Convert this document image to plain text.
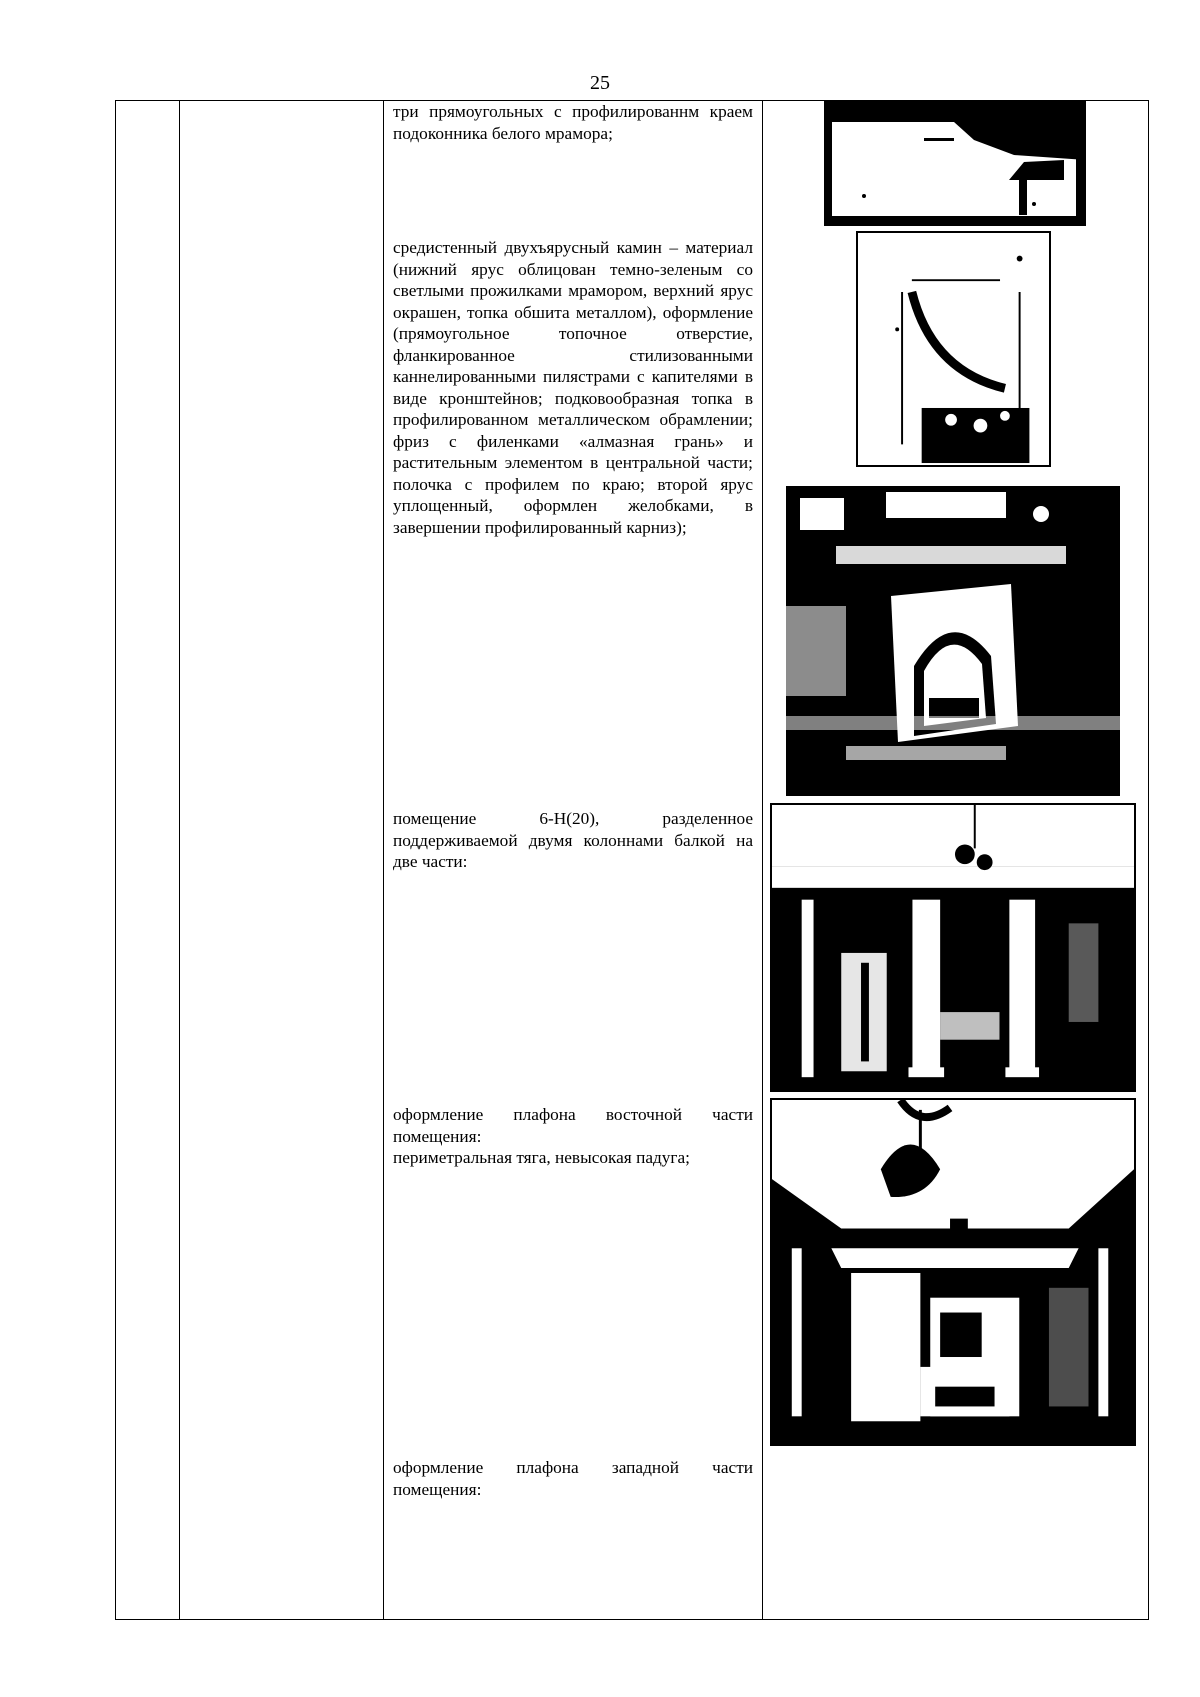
25

три прямоугольных с профилированнм краем подоконника белого мрамора;

средистенный двухъярусный камин – материал (нижний ярус облицован темно-зеленым со светлыми прожилками мрамором, верхний ярус окрашен, топка обшита металлом), оформление (прямоугольное топочное отверстие, фланкированное стилизованными каннелированными пилястрами с капителями в виде кронштейнов; подковообразная топка в профилированном металлическом обрамлении; фриз с филенками «алмазная грань» и растительным элементом в центральной части; полочка с профилем по краю; второй ярус уплощенный, оформлен желобками, в завершении профилированный карниз);

помещение 6-Н(20), разделенное поддерживаемой двумя колоннами балкой на две части:

оформление плафона восточной части помещения:

периметральная тяга, невысокая падуга;

оформление плафона западной части помещения:
